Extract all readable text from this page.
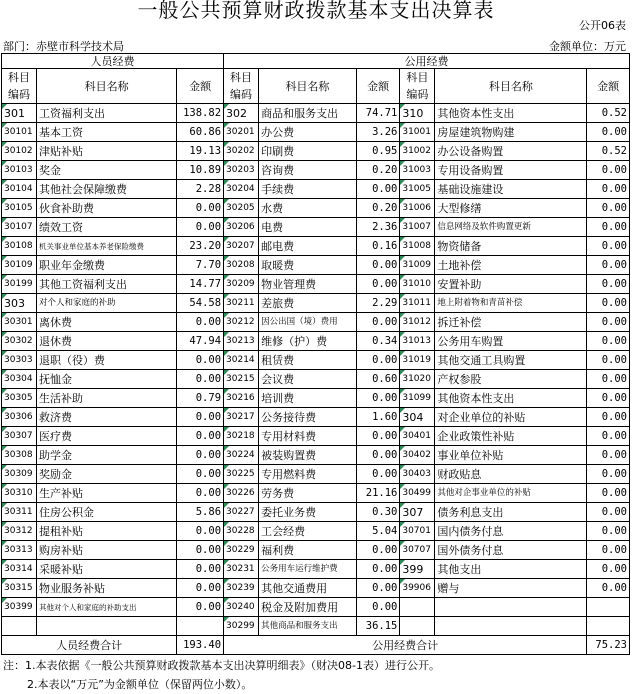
一般公共预算财政拨款基本支出决算表
公开06表
部门：赤壁市科学技术局	金额单位：万元
人员经费			公用经费					
科目编码	科目名称	金额	科目编码	科目名称	金额	科目编码	科目名称	金额
301	工资福利支出	138.82	302	商品和服务支出	74.71	310	其他资本性支出	0.52
30101	基本工资	60.86	30201	办公费	3.26	31001	房屋建筑物购建	0.00
30102	津贴补贴	19.13	30202	印刷费	0.95	31002	办公设备购置	0.52
30103	奖金	10.89	30203	咨询费	0.20	31003	专用设备购置	0.00
30104	其他社会保障缴费	2.28	30204	手续费	0.00	31005	基础设施建设	0.00
30105	伙食补助费	0.00	30205	水费	0.20	31006	大型修缮	0.00
30107	绩效工资	0.00	30206	电费	2.36	31007	信息网络及软件购置更新	0.00
30108	机关事业单位基本养老保险缴费	23.20	30207	邮电费	0.16	31008	物资储备	0.00
30109	职业年金缴费	7.70	30208	取暖费	0.00	31009	土地补偿	0.00
30199	其他工资福利支出	14.77	30209	物业管理费	0.00	31010	安置补助	0.00
303	对个人和家庭的补助	54.58	30211	差旅费	2.29	31011	地上附着物和青苗补偿	0.00
30301	离休费	0.00	30212	因公出国（境）费用	0.00	31012	拆迁补偿	0.00
30302	退休费	47.94	30213	维修（护）费	0.34	31013	公务用车购置	0.00
30303	退职（役）费	0.00	30214	租赁费	0.00	31019	其他交通工具购置	0.00
30304	抚恤金	0.00	30215	会议费	0.60	31020	产权参股	0.00
30305	生活补助	0.79	30216	培训费	0.00	31099	其他资本性支出	0.00
30306	救济费	0.00	30217	公务接待费	1.60	304	对企业单位的补贴	0.00
30307	医疗费	0.00	30218	专用材料费	0.00	30401	企业政策性补贴	0.00
30308	助学金	0.00	30224	被装购置费	0.00	30402	事业单位补贴	0.00
30309	奖励金	0.00	30225	专用燃料费	0.00	30403	财政贴息	0.00
30310	生产补贴	0.00	30226	劳务费	21.16	30499	其他对企事业单位的补贴	0.00
30311	住房公积金	5.86	30227	委托业务费	0.30	307	债务利息支出	0.00
30312	提租补贴	0.00	30228	工会经费	5.04	30701	国内债务付息	0.00
30313	购房补贴	0.00	30229	福利费	0.00	30707	国外债务付息	0.00
30314	采暖补贴	0.00	30231	公务用车运行维护费	0.00	399	其他支出	0.00
30315	物业服务补贴	0.00	30239	其他交通费用	0.00	39906	赠与	0.00
30399	其他对个人和家庭的补助支出	0.00	30240	税金及附加费用	0.00			
			30299	其他商品和服务支出	36.15			
人员经费合计		193.40	公用经费合计					75.23
注：1.本表依据《一般公共预算财政拨款基本支出决算明细表》（财决08-1表）进行公开。
2.本表以“万元”为金额单位（保留两位小数）。
